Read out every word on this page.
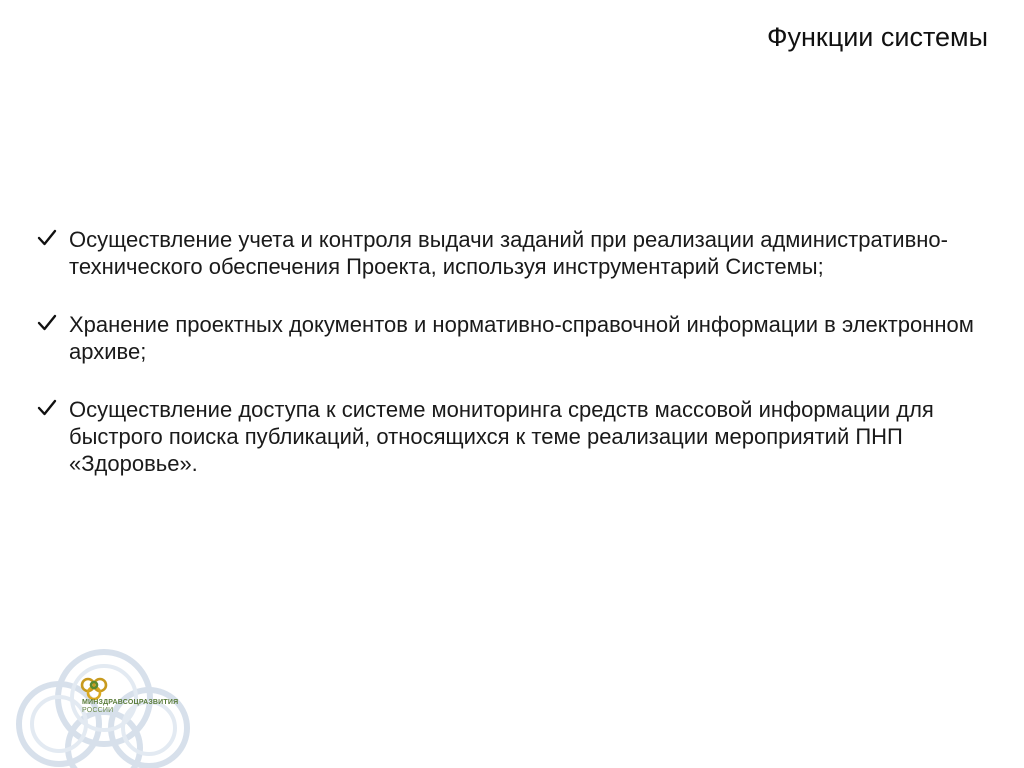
Функции системы
Осуществление учета и контроля выдачи заданий при реализации административно-технического обеспечения Проекта, используя инструментарий Системы;
Хранение проектных документов и нормативно-справочной информации в электронном архиве;
Осуществление доступа к системе мониторинга средств массовой информации для быстрого поиска публикаций, относящихся к теме реализации мероприятий ПНП «Здоровье».
МИНЗДРАВСОЦРАЗВИТИЯ
РОССИИ
